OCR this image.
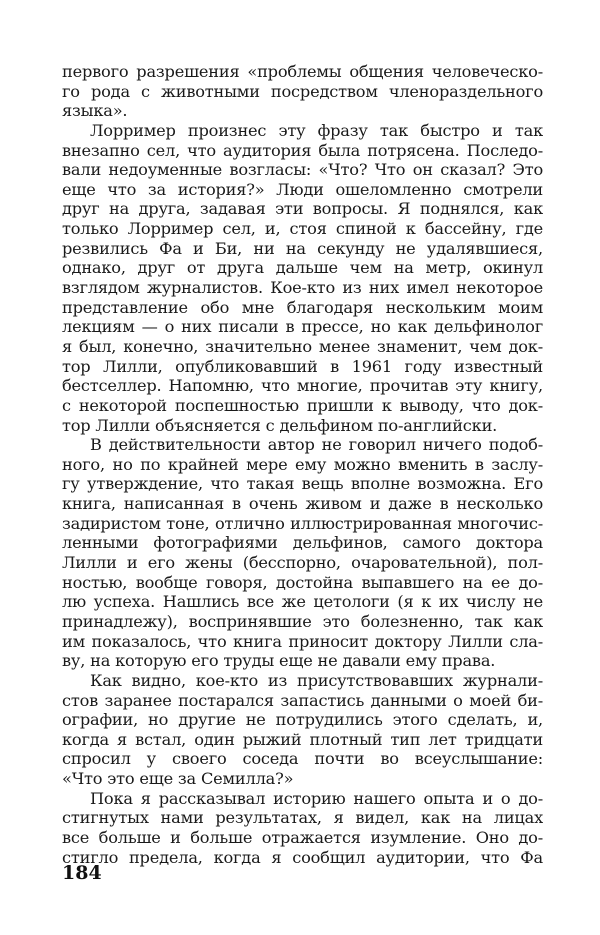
первого разрешения «проблемы общения человеческо-
го рода с животными посредством членораздельного
языка».
Лорример произнес эту фразу так быстро и так
внезапно сел, что аудитория была потрясена. Последо-
вали недоуменные возгласы: «Что? Что он сказал? Это
еще что за история?» Люди ошеломленно смотрели
друг на друга, задавая эти вопросы. Я поднялся, как
только Лорример сел, и, стоя спиной к бассейну, где
резвились Фа и Би, ни на секунду не удалявшиеся,
однако, друг от друга дальше чем на метр, окинул
взглядом журналистов. Кое-кто из них имел некоторое
представление обо мне благодаря нескольким моим
лекциям — о них писали в прессе, но как дельфинолог
я был, конечно, значительно менее знаменит, чем док-
тор Лилли, опубликовавший в 1961 году известный
бестселлер. Напомню, что многие, прочитав эту книгу,
с некоторой поспешностью пришли к выводу, что док-
тор Лилли объясняется с дельфином по-английски.
В действительности автор не говорил ничего подоб-
ного, но по крайней мере ему можно вменить в заслу-
гу утверждение, что такая вещь вполне возможна. Его
книга, написанная в очень живом и даже в несколько
задиристом тоне, отлично иллюстрированная многочис-
ленными фотографиями дельфинов, самого доктора
Лилли и его жены (бесспорно, очаровательной), пол-
ностью, вообще говоря, достойна выпавшего на ее до-
лю успеха. Нашлись все же цетологи (я к их числу не
принадлежу), воспринявшие это болезненно, так как
им показалось, что книга приносит доктору Лилли сла-
ву, на которую его труды еще не давали ему права.
Как видно, кое-кто из присутствовавших журнали-
стов заранее постарался запастись данными о моей би-
ографии, но другие не потрудились этого сделать, и,
когда я встал, один рыжий плотный тип лет тридцати
спросил у своего соседа почти во всеуслышание:
«Что это еще за Семилла?»
Пока я рассказывал историю нашего опыта и о до-
стигнутых нами результатах, я видел, как на лицах
все больше и больше отражается изумление. Оно до-
стигло предела, когда я сообщил аудитории, что Фа
184
